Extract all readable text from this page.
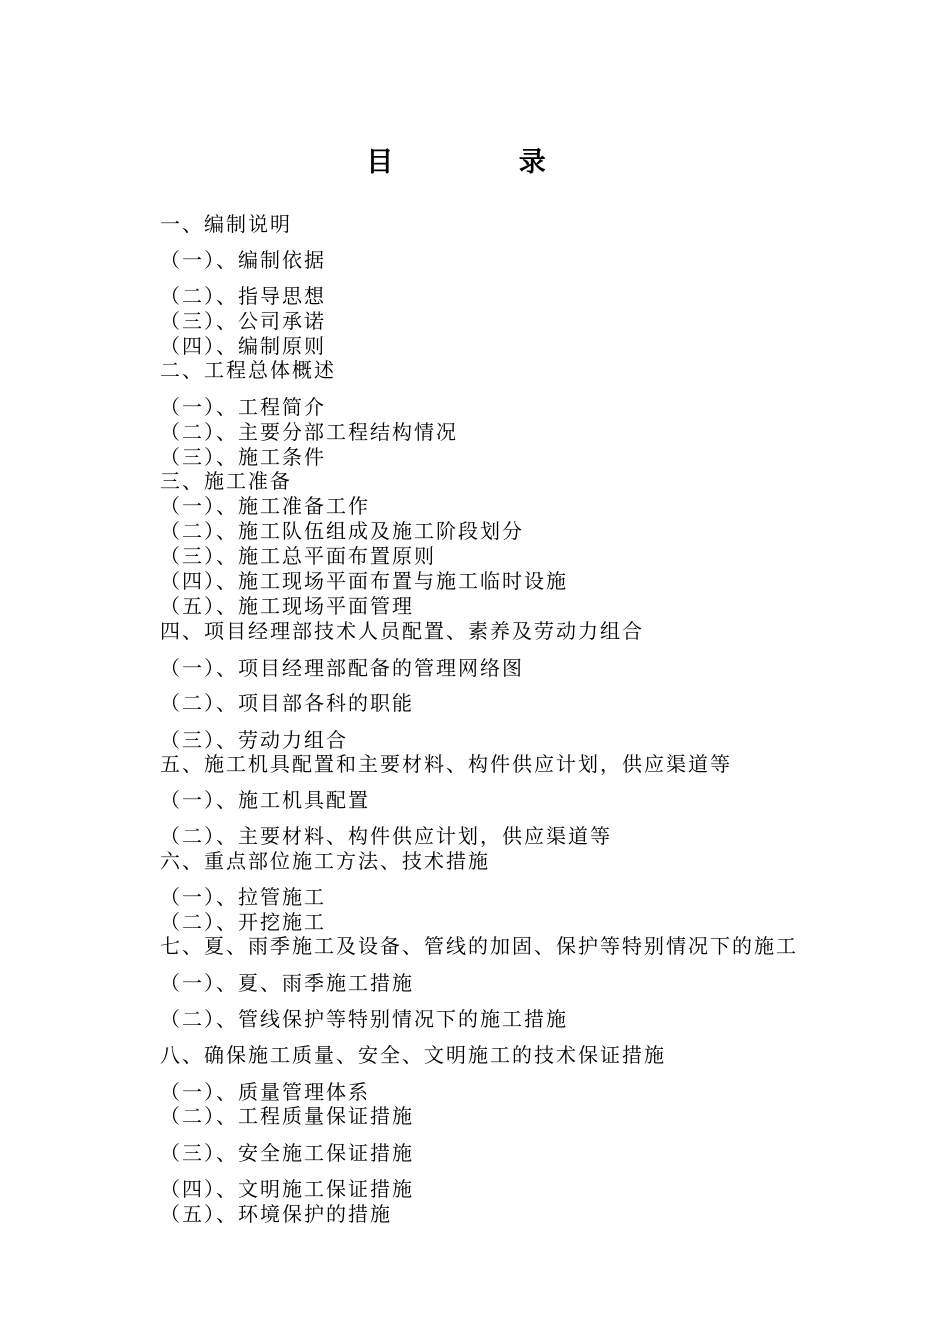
目 录
一、编制说明
（一）、编制依据
（二）、指导思想
（三）、公司承诺
（四）、编制原则
二、工程总体概述
（一）、工程简介
（二）、主要分部工程结构情况
（三）、施工条件
三、施工准备
（一）、施工准备工作
（二）、施工队伍组成及施工阶段划分
（三）、施工总平面布置原则
（四）、施工现场平面布置与施工临时设施
（五）、施工现场平面管理
四、项目经理部技术人员配置、素养及劳动力组合
（一）、项目经理部配备的管理网络图
（二）、项目部各科的职能
（三）、劳动力组合
五、施工机具配置和主要材料、构件供应计划，供应渠道等
（一）、施工机具配置
（二）、主要材料、构件供应计划，供应渠道等
六、重点部位施工方法、技术措施
（一）、拉管施工
（二）、开挖施工
七、夏、雨季施工及设备、管线的加固、保护等特别情况下的施工
（一）、夏、雨季施工措施
（二）、管线保护等特别情况下的施工措施
八、确保施工质量、安全、文明施工的技术保证措施
（一）、质量管理体系
（二）、工程质量保证措施
（三）、安全施工保证措施
（四）、文明施工保证措施
（五）、环境保护的措施
